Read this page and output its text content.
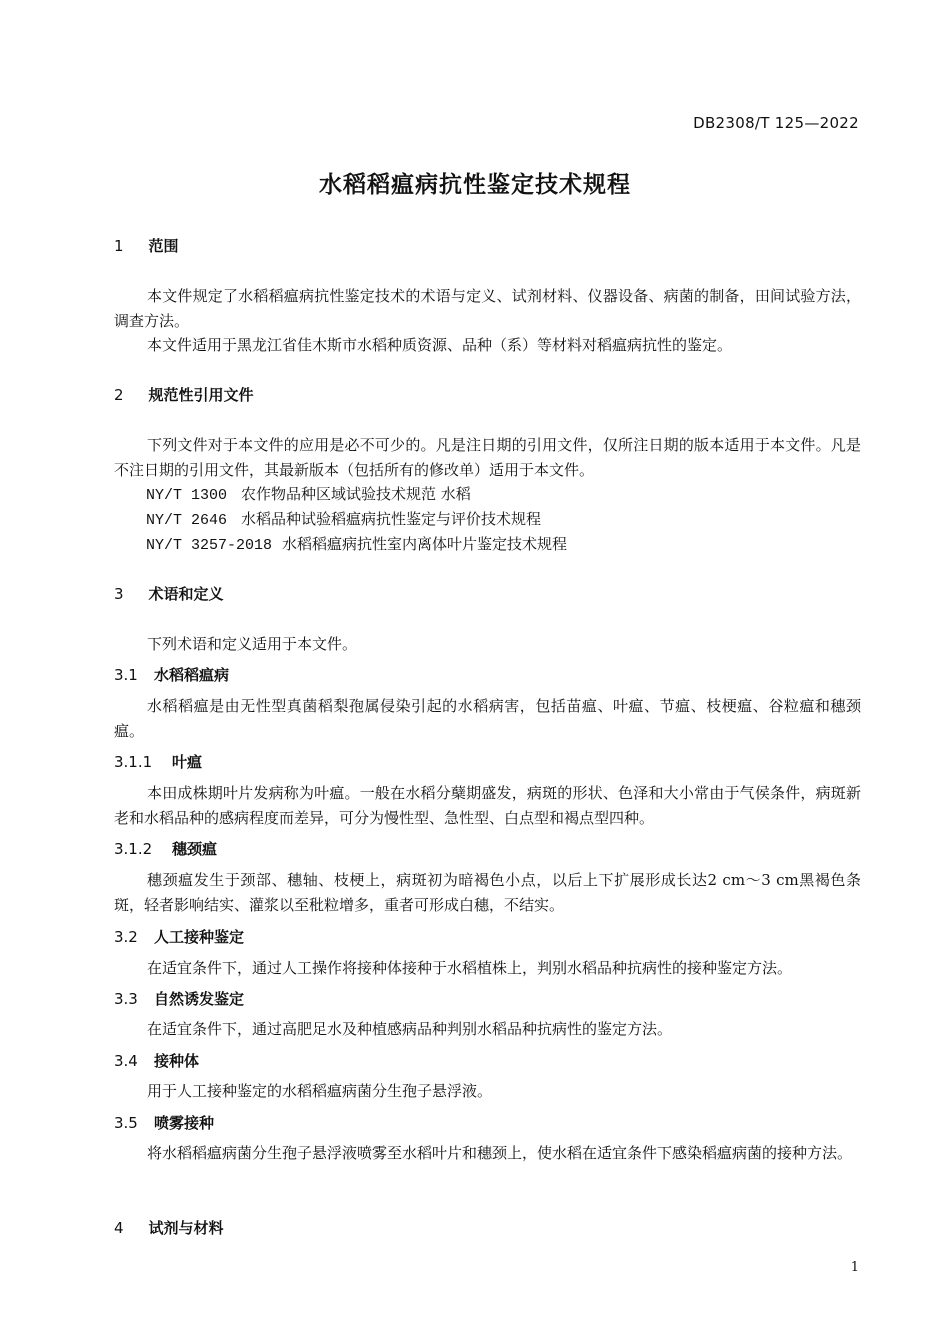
DB2308/T 125—2022
水稻稻瘟病抗性鉴定技术规程
1 范围
本文件规定了水稻稻瘟病抗性鉴定技术的术语与定义、试剂材料、仪器设备、病菌的制备，田间试验方法，调查方法。
本文件适用于黑龙江省佳木斯市水稻种质资源、品种（系）等材料对稻瘟病抗性的鉴定。
2 规范性引用文件
下列文件对于本文件的应用是必不可少的。凡是注日期的引用文件，仅所注日期的版本适用于本文件。凡是不注日期的引用文件，其最新版本（包括所有的修改单）适用于本文件。
NY/T 1300 农作物品种区域试验技术规范 水稻
NY/T 2646 水稻品种试验稻瘟病抗性鉴定与评价技术规程
NY/T 3257-2018 水稻稻瘟病抗性室内离体叶片鉴定技术规程
3 术语和定义
下列术语和定义适用于本文件。
3.1 水稻稻瘟病
水稻稻瘟是由无性型真菌稻梨孢属侵染引起的水稻病害，包括苗瘟、叶瘟、节瘟、枝梗瘟、谷粒瘟和穗颈瘟。
3.1.1 叶瘟
本田成株期叶片发病称为叶瘟。一般在水稻分蘖期盛发，病斑的形状、色泽和大小常由于气侯条件，病斑新老和水稻品种的感病程度而差异，可分为慢性型、急性型、白点型和褐点型四种。
3.1.2 穗颈瘟
穗颈瘟发生于颈部、穗轴、枝梗上，病斑初为暗褐色小点，以后上下扩展形成长达2 cm～3 cm黑褐色条斑，轻者影响结实、灌浆以至秕粒增多，重者可形成白穗，不结实。
3.2 人工接种鉴定
在适宜条件下，通过人工操作将接种体接种于水稻植株上，判别水稻品种抗病性的接种鉴定方法。
3.3 自然诱发鉴定
在适宜条件下，通过高肥足水及种植感病品种判别水稻品种抗病性的鉴定方法。
3.4 接种体
用于人工接种鉴定的水稻稻瘟病菌分生孢子悬浮液。
3.5 喷雾接种
将水稻稻瘟病菌分生孢子悬浮液喷雾至水稻叶片和穗颈上，使水稻在适宜条件下感染稻瘟病菌的接种方法。
4 试剂与材料
1
